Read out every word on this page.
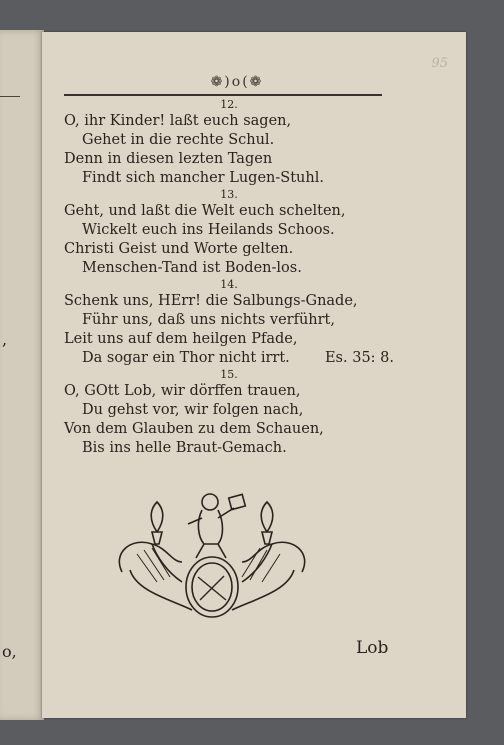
,
o,
95
❁)o(❁
12.
O, ihr Kinder! laßt euch sagen,
Gehet in die rechte Schul.
Denn in diesen lezten Tagen
Findt sich mancher Lugen-Stuhl.
13.
Geht, und laßt die Welt euch schelten,
Wickelt euch ins Heilands Schoos.
Christi Geist und Worte gelten.
Menschen-Tand ist Boden-los.
14.
Schenk uns, HErr! die Salbungs-Gnade,
Führ uns, daß uns nichts verführt,
Leit uns auf dem heilgen Pfade,
Da sogar ein Thor nicht irrt. Es. 35: 8.
15.
O, GOtt Lob, wir dörffen trauen,
Du gehst vor, wir folgen nach,
Von dem Glauben zu dem Schauen,
Bis ins helle Braut-Gemach.
Lob
